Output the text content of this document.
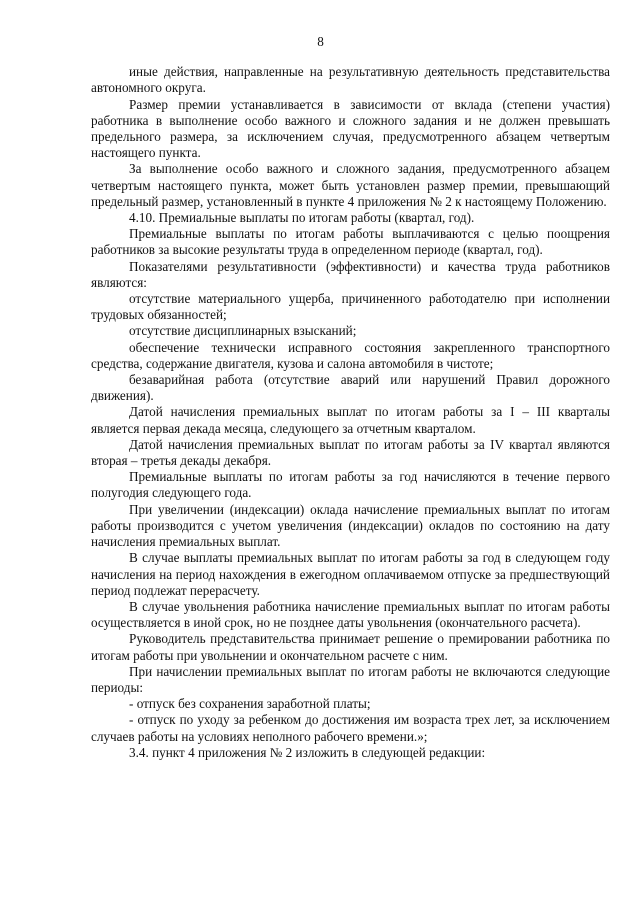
8

иные действия, направленные на результативную деятельность представительства автономного округа.

Размер премии устанавливается в зависимости от вклада (степени участия) работника в выполнение особо важного и сложного задания и не должен превышать предельного размера, за исключением случая, предусмотренного абзацем четвертым настоящего пункта.

За выполнение особо важного и сложного задания, предусмотренного абзацем четвертым настоящего пункта, может быть установлен размер премии, превышающий предельный размер, установленный в пункте 4 приложения № 2 к настоящему Положению.

4.10. Премиальные выплаты по итогам работы (квартал, год).

Премиальные выплаты по итогам работы выплачиваются с целью поощрения работников за высокие результаты труда в определенном периоде (квартал, год).

Показателями результативности (эффективности) и качества труда работников являются:

отсутствие материального ущерба, причиненного работодателю при исполнении трудовых обязанностей;

отсутствие дисциплинарных взысканий;

обеспечение технически исправного состояния закрепленного транспортного средства, содержание двигателя, кузова и салона автомобиля в чистоте;

безаварийная работа (отсутствие аварий или нарушений Правил дорожного движения).

Датой начисления премиальных выплат по итогам работы за I – III кварталы является первая декада месяца, следующего за отчетным кварталом.

Датой начисления премиальных выплат по итогам работы за IV квартал являются вторая – третья декады декабря.

Премиальные выплаты по итогам работы за год начисляются в течение первого полугодия следующего года.

При увеличении (индексации) оклада начисление премиальных выплат по итогам работы производится с учетом увеличения (индексации) окладов по состоянию на дату начисления премиальных выплат.

В случае выплаты премиальных выплат по итогам работы за год в следующем году начисления на период нахождения в ежегодном оплачиваемом отпуске за предшествующий период подлежат перерасчету.

В случае увольнения работника начисление премиальных выплат по итогам работы осуществляется в иной срок, но не позднее даты увольнения (окончательного расчета).

Руководитель представительства принимает решение о премировании работника по итогам работы при увольнении и окончательном расчете с ним.

При начислении премиальных выплат по итогам работы не включаются следующие периоды:

- отпуск без сохранения заработной платы;

- отпуск по уходу за ребенком до достижения им возраста трех лет, за исключением случаев работы на условиях неполного рабочего времени.»;

3.4. пункт 4 приложения № 2 изложить в следующей редакции:
